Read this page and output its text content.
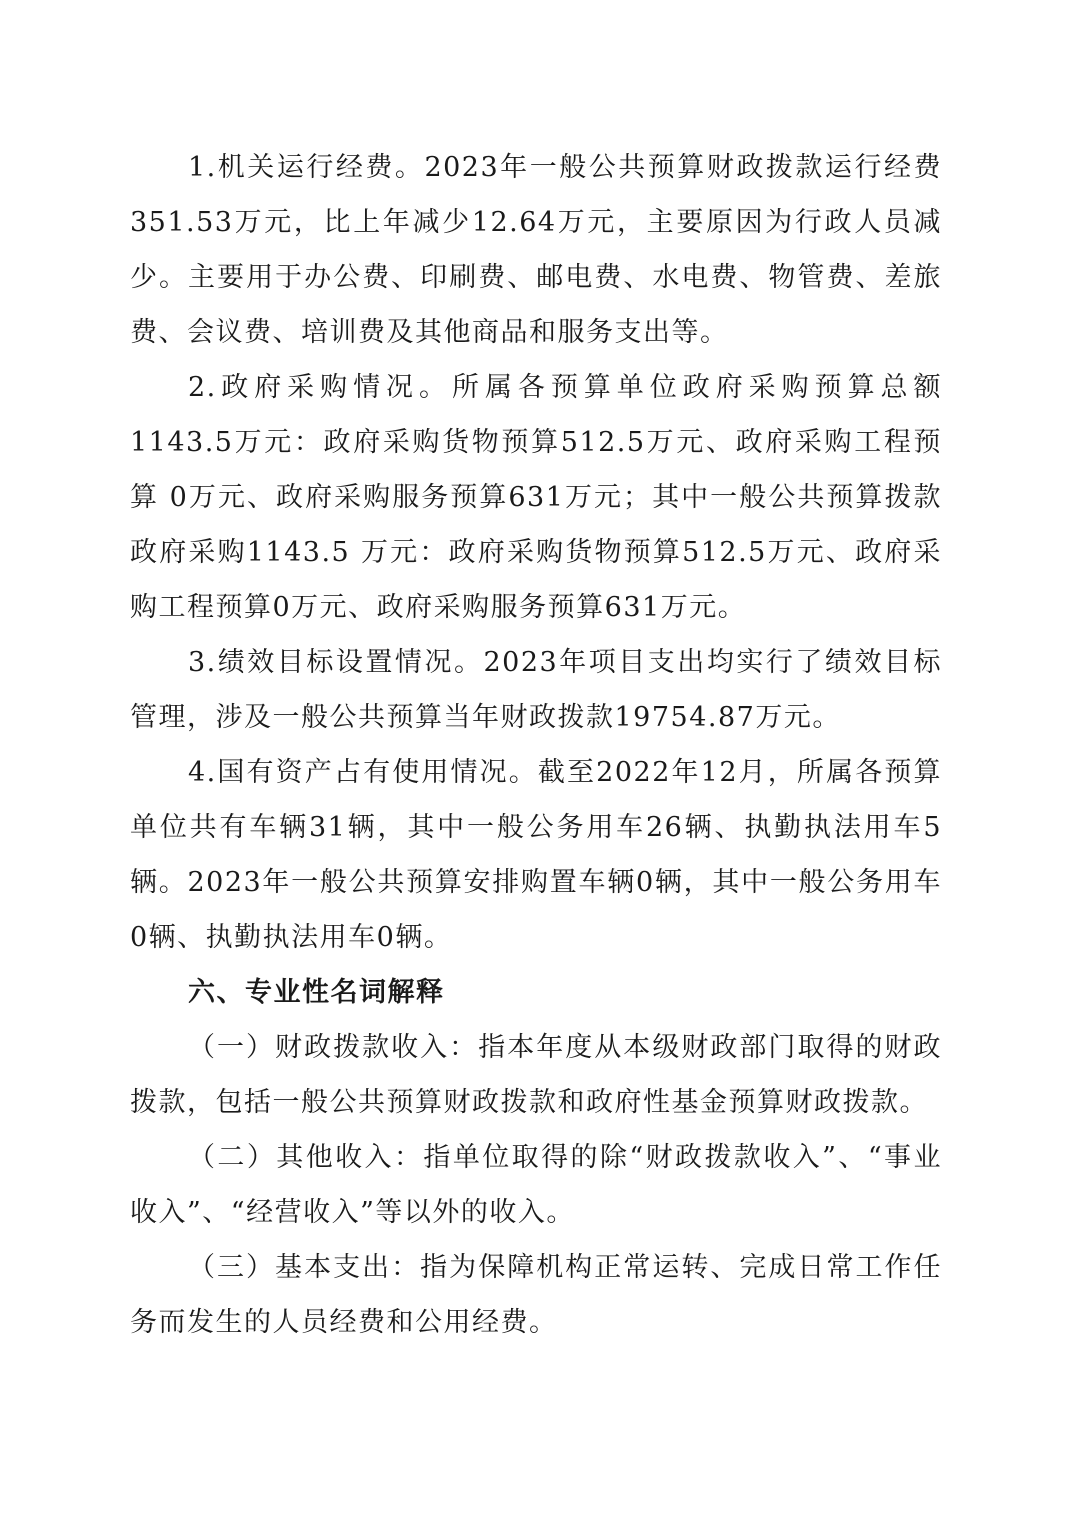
1.机关运行经费。2023年一般公共预算财政拨款运行经费351.53万元，比上年减少12.64万元，主要原因为行政人员减少。主要用于办公费、印刷费、邮电费、水电费、物管费、差旅费、会议费、培训费及其他商品和服务支出等。

2.政府采购情况。所属各预算单位政府采购预算总额1143.5万元：政府采购货物预算512.5万元、政府采购工程预算 0万元、政府采购服务预算631万元；其中一般公共预算拨款政府采购1143.5 万元：政府采购货物预算512.5万元、政府采购工程预算0万元、政府采购服务预算631万元。

3.绩效目标设置情况。2023年项目支出均实行了绩效目标管理，涉及一般公共预算当年财政拨款19754.87万元。

4.国有资产占有使用情况。截至2022年12月，所属各预算单位共有车辆31辆，其中一般公务用车26辆、执勤执法用车5辆。2023年一般公共预算安排购置车辆0辆，其中一般公务用车0辆、执勤执法用车0辆。

六、专业性名词解释

（一）财政拨款收入：指本年度从本级财政部门取得的财政拨款，包括一般公共预算财政拨款和政府性基金预算财政拨款。

（二）其他收入：指单位取得的除“财政拨款收入”、“事业收入”、“经营收入”等以外的收入。

（三）基本支出：指为保障机构正常运转、完成日常工作任务而发生的人员经费和公用经费。
